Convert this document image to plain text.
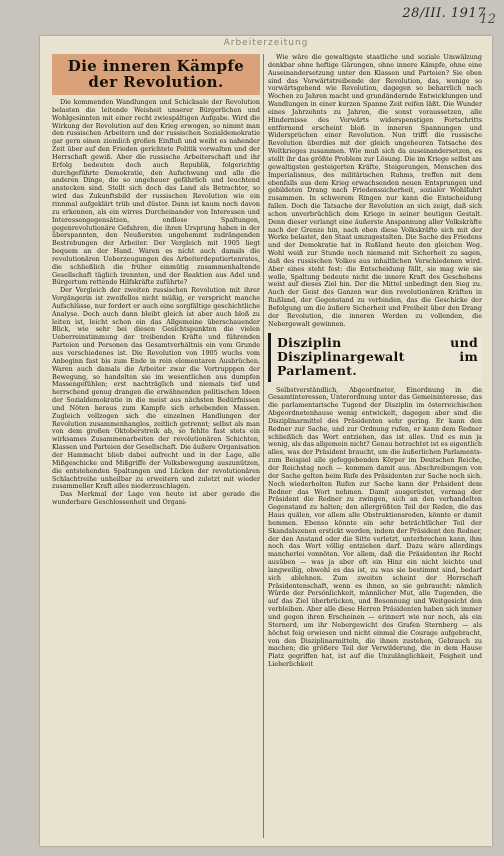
28/III. 1917
12
Arbeiterzeitung
Die inneren Kämpfe der Revolution.

Die kommenden Wandlungen und Schicksale der Revolution belasten die leitende Weisheit unserer Bürgerlichen und Wohlgesinnten mit einer recht zwiespältigen Aufgabe. Wird die Wirkung der Revolution auf den Krieg erwogen, so nimmt man den russischen Arbeitern und der russischen Sozialdemokratie gar gern einen ziemlich großen Einfluß und weiht es nahender Zeit über auf den Frieden gerichtete Politik vorwalten und der Herrschaft gewiß. Aber die russische Arbeiterschaft und ihr Erfolg bedeuten doch auch Republik, folgerichtig durchgeführte Demokratie, den Aufschwung und alle die anderen Dinge, die so ungeheuer gefährlich und leuchtend anstecken sind. Stellt sich doch das Land als Betrachter, so wird das Zukunftsbild der russischen Revolution wie ein rinnmal aufgeklärt trüb und düster. Dann ist kaum noch davon zu erkennen, als ein wirres Durcheinander von Interessen und Interessengegensätzen, endlose Spaltungen, gegenrevolutionäre Gefahren, die ihren Ursprung haben in der überspannten, den Neußersten ungehemmt zudrängenden Bestrebungen der Arbeiter. Der Vergleich mit 1905 liegt bequem an der Hand. Waren es nicht auch damals die revolutionären Ueberzeugungen des Arbeiterdeputiertenrates, die schließlich die früher einmütig zusammenhaltende Gesellschaft täglich trennten, und der Reaktion aus Adel und Bürgertum rettende Hilfskräfte zuführte?

Der Vergleich der zweiten russischen Revolution mit ihrer Vorgängerin ist zweifellos nicht müßig, er verspricht manche Aufschlüsse, nur fordert er auch eine sorgfältige geschichtliche Analyse. Doch auch dann bleibt gleich ist aber auch bloß zu leiten ist, leicht schon ein das Allgemeine überschauender Blick, wie sehr bei diesen Gesichtspunkten die vielen Ueberreinstimmung der treibenden Kräfte und führenden Parteien und Personen das Gesamtverhältnis ein vom Grunde aus verschiedenes ist. Die Revolution von 1905 wuchs vom Anbeginn fast bis zum Ende in rein elementaren Ausbrüchen. Waren auch damals die Arbeiter zwar die Vortrupppen der Bewegung, so handelten sie im wesentlichen aus dumpfen Massengefühlen; erst nachträglich und niemals tief und herrschend genug drangen die erwähnenden politischen Ideen der Sozialdemokratie in die meist aus nächsten Bedürfnissen und Nöten heraus zum Kampfe sich erhebenden Massen. Zugleich vollzogen sich die einzelnen Handlungen der Revolution zusammenhanglos, zeitlich getrennt; selbst als man von dem großen Oktoberstreik ab, so fehlte fast stets ein wirksames Zusammenarbeiten der revolutionären Schichten, Klassen und Parteien der Gesellschaft. Die äußere Organisation der Hammacht blieb dabei aufrecht und in der Lage, alle Mißgeschicke und Mißgriffe der Volksbewegung auszunützen, die entstehenden Spaltungen und Lücken der revolutionären Schlachtreihe unheilbar zu erweitern und zuletzt mit wieder zusammeller Kraft alles niederzuschlagen.

Das Merkmal der Lage von heute ist aber gerade die wunderbare Geschlossenheit und Organi-

Wie wäre die gewaltigste staatliche und soziale Umwälzung denkbar ohne heftige Gärungen, ohne innere Kämpfe, ohne eine Auseinandersetzung unter den Klassen und Parteien? Sie eben sind das Vorwärtstreibende der Revolution, das, wenige so vorwärtsgehend wie Revolution, dagegen so beharrlich nach Wochen zu Jahren macht und grundändernde Entwicklungen und Wandlungen in einer kurzen Spanne Zeit reifen läßt. Die Wunder eines Jahrzehnts zu Jahren, die sonst voraussetzen, alle Hindernisse des Vorwärts widerspenstigen Fortschritts entfernend erscheint bloß in inneren Spannungen und Widersprüchen einer Revolution. Nun trifft die russische Revolution überdies mit der gleich ungeheuren Tatsache des Weltkrieges zusammen. Wie muß sich da auseinandersetzen, es stellt ihr das größte Problem zur Lösung. Die im Kriege selbst am gewaltigsten gesteigerten Kräfte, Steigerungen, Menschen des Imperialismus, des militärischen Ruhms, treffen mit dem ebenfalls aus dem Krieg erwachsenden neuen Entsprungen und gebildeten Drang nach Friedenssicherheit, sozialer Wohlfahrt zusammen. In schwerem Ringen nur kann die Entscheidung fallen. Doch die Tatsache der Revolution an sich zeigt, daß sich schon unverbrüchlich dem Kriege in seiner heutigen Gestalt. Denn dieser verlangt eine äußerste Anspannung aller Volkskräfte nach der Grenze hin, nach eben diese Volkskräfte sich mit der Werke belastet, den Staat umzugestalten. Die Sache des Friedens und der Demokratie hat in Rußland heute den gleichen Weg. Wohl weiß zur Stunde noch niemand mit Sicherheit zu sagen, daß des russischen Volkes aus inhaltlichen Verschiedenen wird. Aber eines steht fest: die Entscheidung fällt, sie mag wie sie wolle, Spaltung bedeute nicht die innere Kraft des Geschehens weist auf dieses Ziel hin. Der die Mittel unbedingt den Sieg zu. Auch der Geist des Ganzen war den revolutionären Kräften in Rußland, der Gegenstand zu verbinden, das die Geschicke der Befolgung um die äußere Sicherheit und Freiheit über den Drang der Revolution, die inneren Werden zu vollenden, die Nebergewalt gewinnen.

Disziplin und Disziplinargewalt im Parlament.

Selbstverständlich, Abgeordneter, Einordnung in die Gesamtinteressen, Unterordnung unter das Gemeininteresse, das die parlamentarische Tugend der Disziplin im österreichischen Abgeordnetenhause wenig entwickelt, dagegen aber sind die Disziplinarmittel des Präsidenten sehr gering. Er kann den Redner zur Sache, und zur Ordnung rufen, er kann dem Redner schließlich das Wort entziehen, das ist alles. Und es nun ja wenig, als das allgemein nicht? Genau betrachtet ist es eigentlich alles, was der Präsident braucht, um die äußerlichen Parlaments- zum Beispiel alle gefeggebenden Körper im Deutschen Reiche, der Reichstag noch — kommen damit aus. Abschreibungen von der Sache gelten beim Rufe des Präsidenten zur Sache noch sich. Noch wiederholten Rufen zur Sache kann der Präsident dem Redner das Wort nehmen. Damit ausgerüstet, vermag der Präsident die Redner zu zwingen, sich an den verhandelten Gegenstand zu halten; den allergrößten Teil der Reden, die das Haus quälen, vor allem alle Obstruktionsreden, könnte er damit hemmen. Ebenso könnte ein sehr beträchtlicher Teil der Skandalszenen erstickt werden, indem der Präsident den Redner, der den Anstand oder die Sitte verletzt, unterbrechen kann, ihm noch das Wort völlig entziehen darf. Dazu wäre allerdings mancherlei vonnöten. Vor allem, daß die Präsidenten ihr Recht ausüben — was ja aber oft ein Hinz ein nicht leichte und langweilig, obwohl es das ist, zu was sie bestimmt sind, bedarf sich ablehnen. Zum zweiten scheint der Herrschaft Präsidentenschaft, wenn es ihnen, so sie gebraucht: nämlich Würde der Persönlichkeit, männlicher Mut, alle Tugenden, die auf das Ziel überbrücken, und Besonnung und Weitgesicht den verbleiben. Aber alle diese Herren Präsidenten haben sich immer und gegen ihren Erscheinen — erinnert wie nur noch, als ein Sternerd, um ihr Nebergewicht des Grafen Sternberg — als höchst feig erwiesen und nicht einmal die Courage aufgebracht, von den Disziplinarmitteln, die ihnen zustehen, Gebrauch zu machen; die größere Teil der Verwilderung, die in dem Hause Platz gegriffen hat, ist auf die Unzulänglichkeit, Feigheit und Lieberlichkeit
